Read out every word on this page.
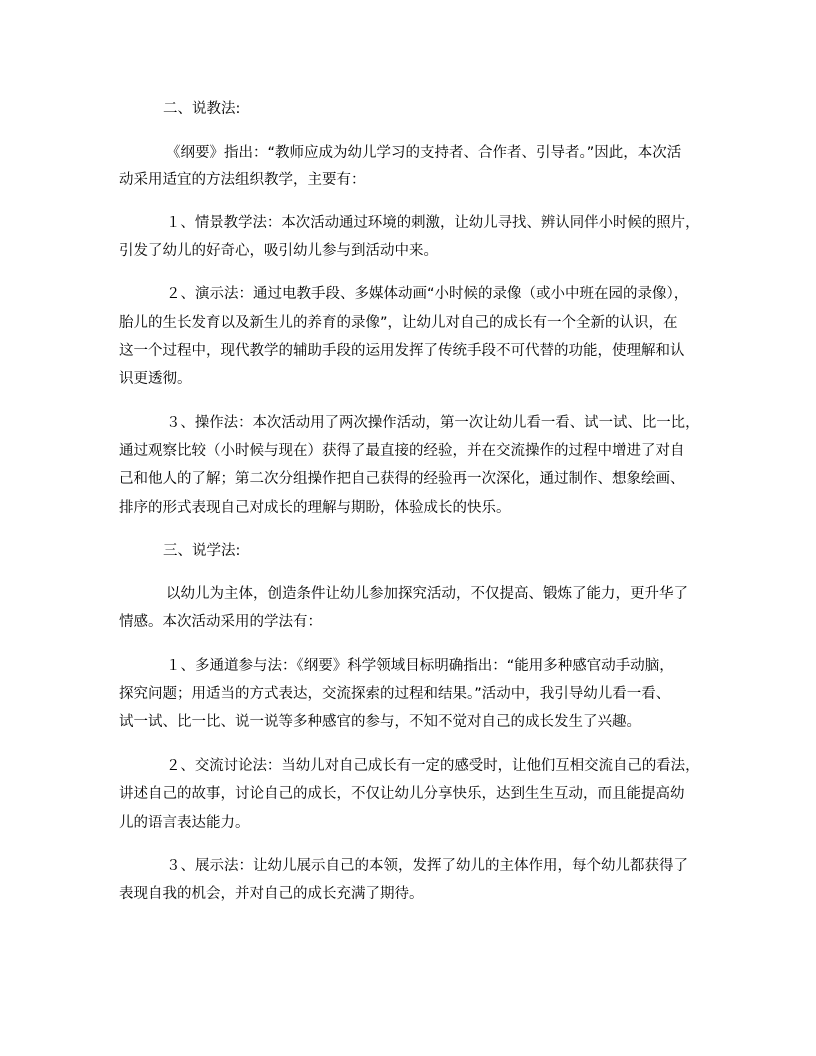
二、说教法:
《纲要》指出：“教师应成为幼儿学习的支持者、合作者、引导者。”因此，本次活
动采用适宜的方法组织教学，主要有：
１、情景教学法：本次活动通过环境的刺激，让幼儿寻找、辨认同伴小时候的照片，
引发了幼儿的好奇心，吸引幼儿参与到活动中来。
２、演示法：通过电教手段、多媒体动画“小时候的录像（或小中班在园的录像），
胎儿的生长发育以及新生儿的养育的录像”，让幼儿对自己的成长有一个全新的认识，在
这一个过程中，现代教学的辅助手段的运用发挥了传统手段不可代替的功能，使理解和认
识更透彻。
３、操作法：本次活动用了两次操作活动，第一次让幼儿看一看、试一试、比一比，
通过观察比较（小时候与现在）获得了最直接的经验，并在交流操作的过程中增进了对自
己和他人的了解；第二次分组操作把自己获得的经验再一次深化，通过制作、想象绘画、
排序的形式表现自己对成长的理解与期盼，体验成长的快乐。
三、说学法:
以幼儿为主体，创造条件让幼儿参加探究活动，不仅提高、锻炼了能力，更升华了
情感。本次活动采用的学法有：
１、多通道参与法：《纲要》科学领域目标明确指出：“能用多种感官动手动脑，
探究问题；用适当的方式表达，交流探索的过程和结果。”活动中，我引导幼儿看一看、
试一试、比一比、说一说等多种感官的参与，不知不觉对自己的成长发生了兴趣。
２、交流讨论法：当幼儿对自己成长有一定的感受时，让他们互相交流自己的看法，
讲述自己的故事，讨论自己的成长，不仅让幼儿分享快乐，达到生生互动，而且能提高幼
儿的语言表达能力。
３、展示法：让幼儿展示自己的本领，发挥了幼儿的主体作用，每个幼儿都获得了
表现自我的机会，并对自己的成长充满了期待。
